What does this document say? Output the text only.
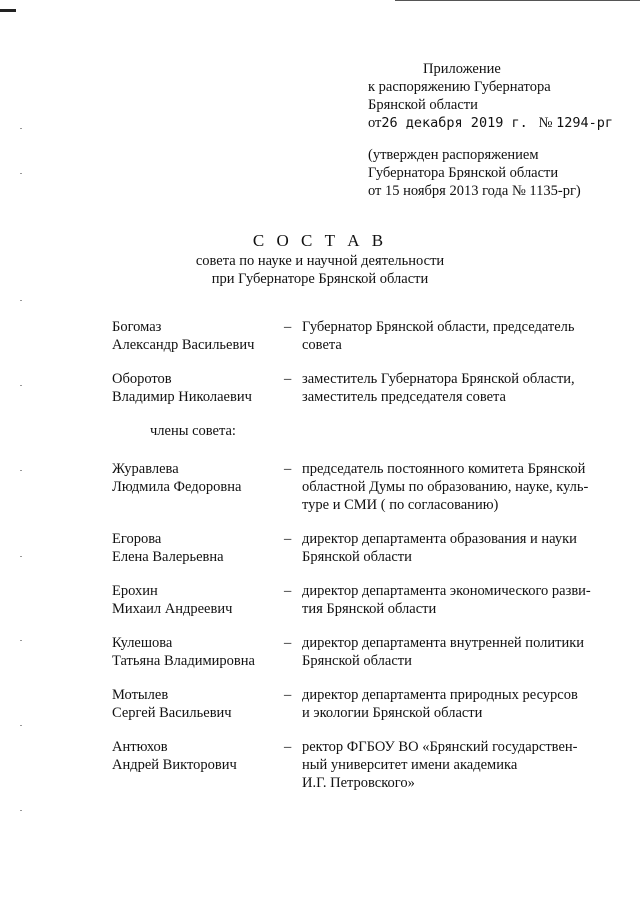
Приложение
к распоряжению Губернатора
Брянской области
от26 декабря 2019 г. № 1294-рг
(утвержден распоряжением
Губернатора Брянской области
от 15 ноября 2013 года № 1135-рг)
С О С Т А В
совета по науке и научной деятельности
при Губернаторе Брянской области
Богомаз
Александр Васильевич
– Губернатор Брянской области, председатель
совета
Оборотов
Владимир Николаевич
– заместитель Губернатора Брянской области,
заместитель председателя совета
члены совета:
Журавлева
Людмила Федоровна
– председатель постоянного комитета Брянской
областной Думы по образованию, науке, куль-
туре и СМИ ( по согласованию)
Егорова
Елена Валерьевна
– директор департамента образования и науки
Брянской области
Ерохин
Михаил Андреевич
– директор департамента экономического разви-
тия Брянской области
Кулешова
Татьяна Владимировна
– директор департамента внутренней политики
Брянской области
Мотылев
Сергей Васильевич
– директор департамента природных ресурсов
и экологии Брянской области
Антюхов
Андрей Викторович
– ректор ФГБОУ ВО «Брянский государствен-
ный университет имени академика
И.Г. Петровского»
